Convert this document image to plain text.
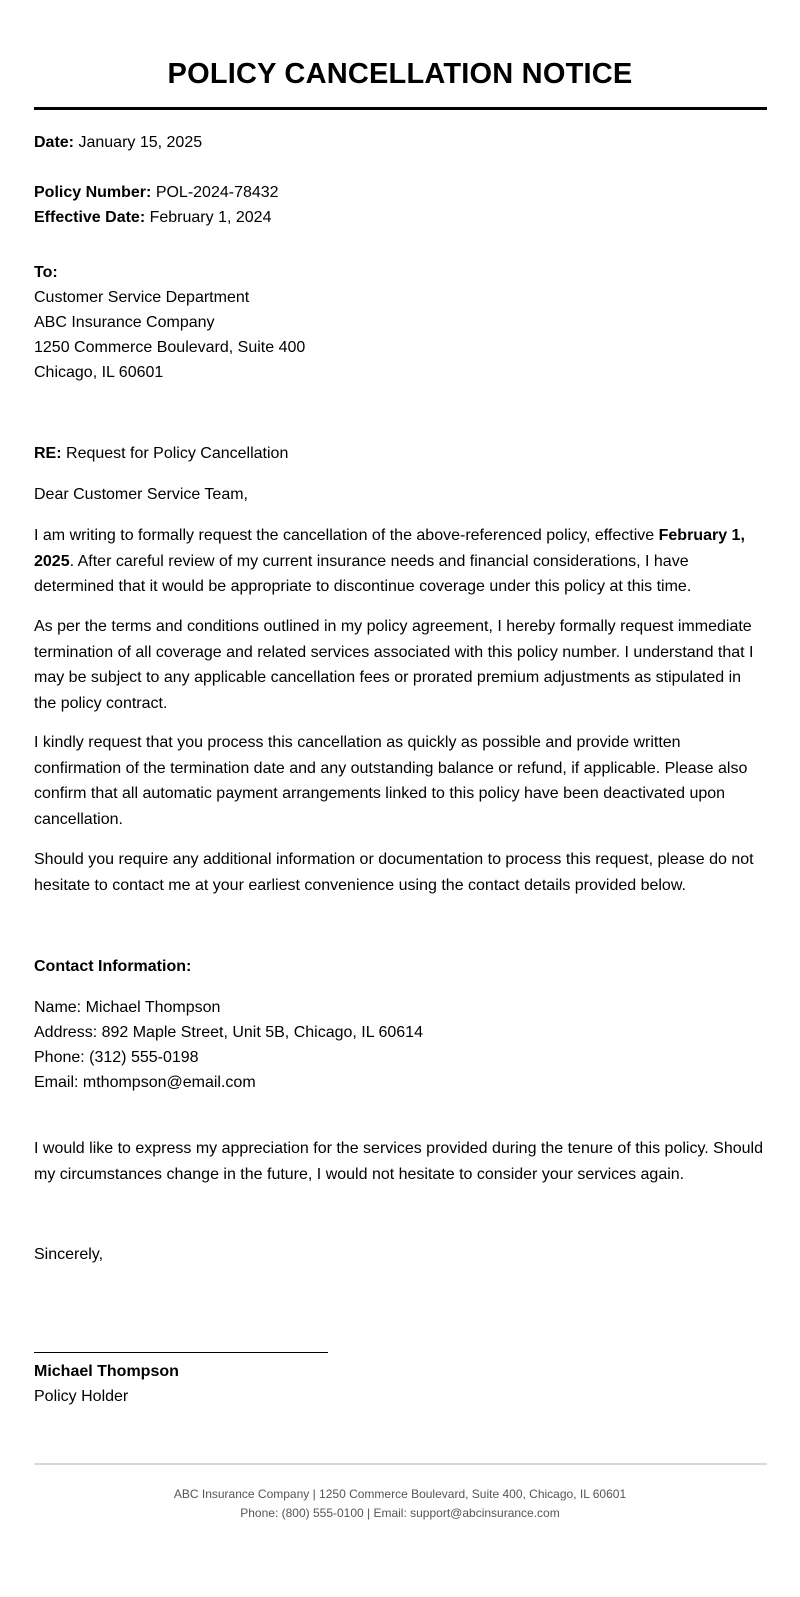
POLICY CANCELLATION NOTICE
Date: January 15, 2025
Policy Number: POL-2024-78432
Effective Date: February 1, 2024
To:
Customer Service Department
ABC Insurance Company
1250 Commerce Boulevard, Suite 400
Chicago, IL 60601
RE: Request for Policy Cancellation
Dear Customer Service Team,
I am writing to formally request the cancellation of the above-referenced policy, effective February 1, 2025. After careful review of my current insurance needs and financial considerations, I have determined that it would be appropriate to discontinue coverage under this policy at this time.
As per the terms and conditions outlined in my policy agreement, I hereby formally request immediate termination of all coverage and related services associated with this policy number. I understand that I may be subject to any applicable cancellation fees or prorated premium adjustments as stipulated in the policy contract.
I kindly request that you process this cancellation as quickly as possible and provide written confirmation of the termination date and any outstanding balance or refund, if applicable. Please also confirm that all automatic payment arrangements linked to this policy have been deactivated upon cancellation.
Should you require any additional information or documentation to process this request, please do not hesitate to contact me at your earliest convenience using the contact details provided below.
Contact Information:
Name: Michael Thompson
Address: 892 Maple Street, Unit 5B, Chicago, IL 60614
Phone: (312) 555-0198
Email: mthompson@email.com
I would like to express my appreciation for the services provided during the tenure of this policy. Should my circumstances change in the future, I would not hesitate to consider your services again.
Sincerely,
Michael Thompson
Policy Holder
ABC Insurance Company | 1250 Commerce Boulevard, Suite 400, Chicago, IL 60601
Phone: (800) 555-0100 | Email: support@abcinsurance.com
